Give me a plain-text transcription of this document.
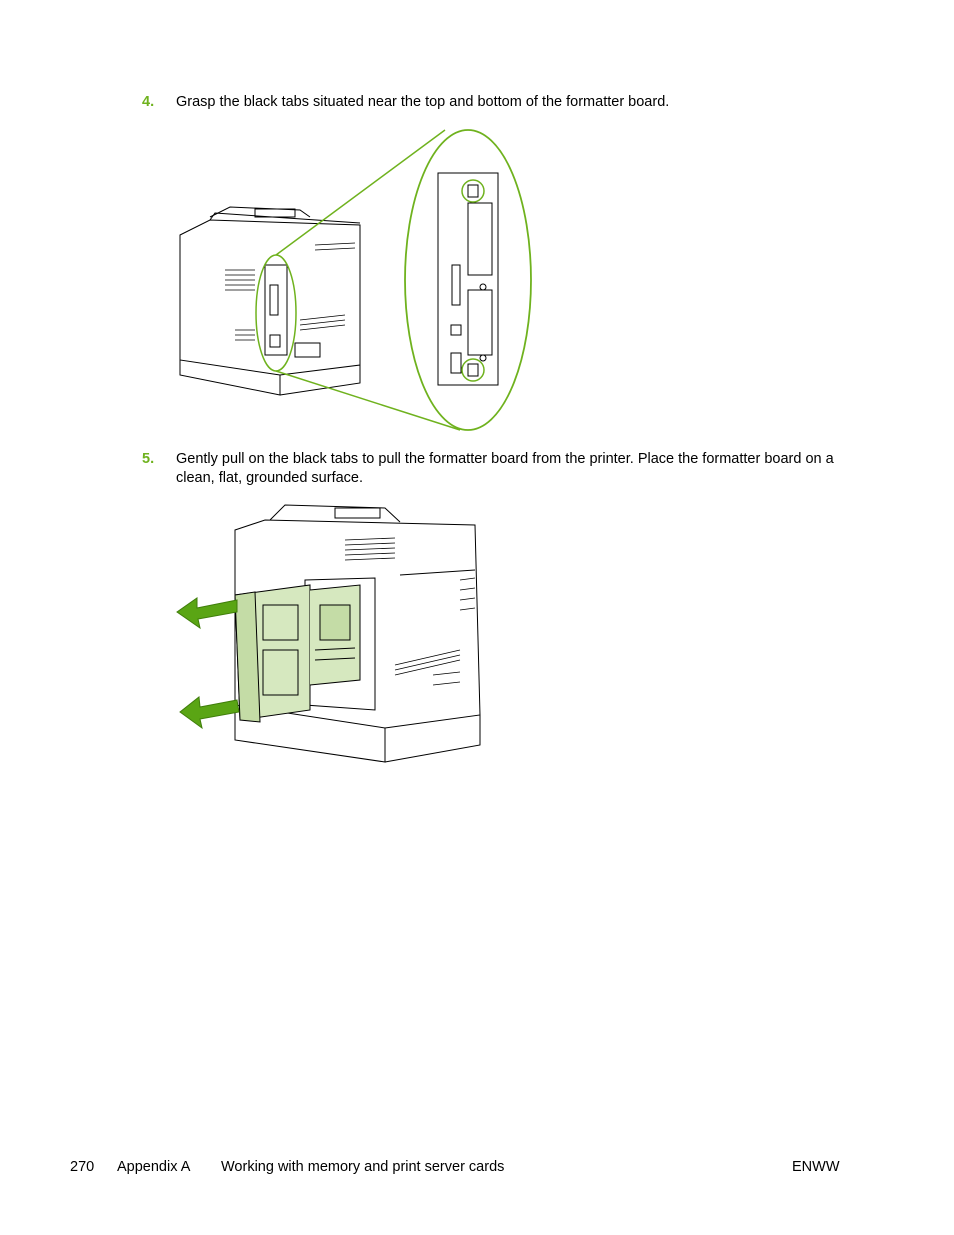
4. Grasp the black tabs situated near the top and bottom of the formatter board.
5. Gently pull on the black tabs to pull the formatter board from the printer. Place the formatter board on a clean, flat, grounded surface.
270 Appendix A Working with memory and print server cards	ENWW
